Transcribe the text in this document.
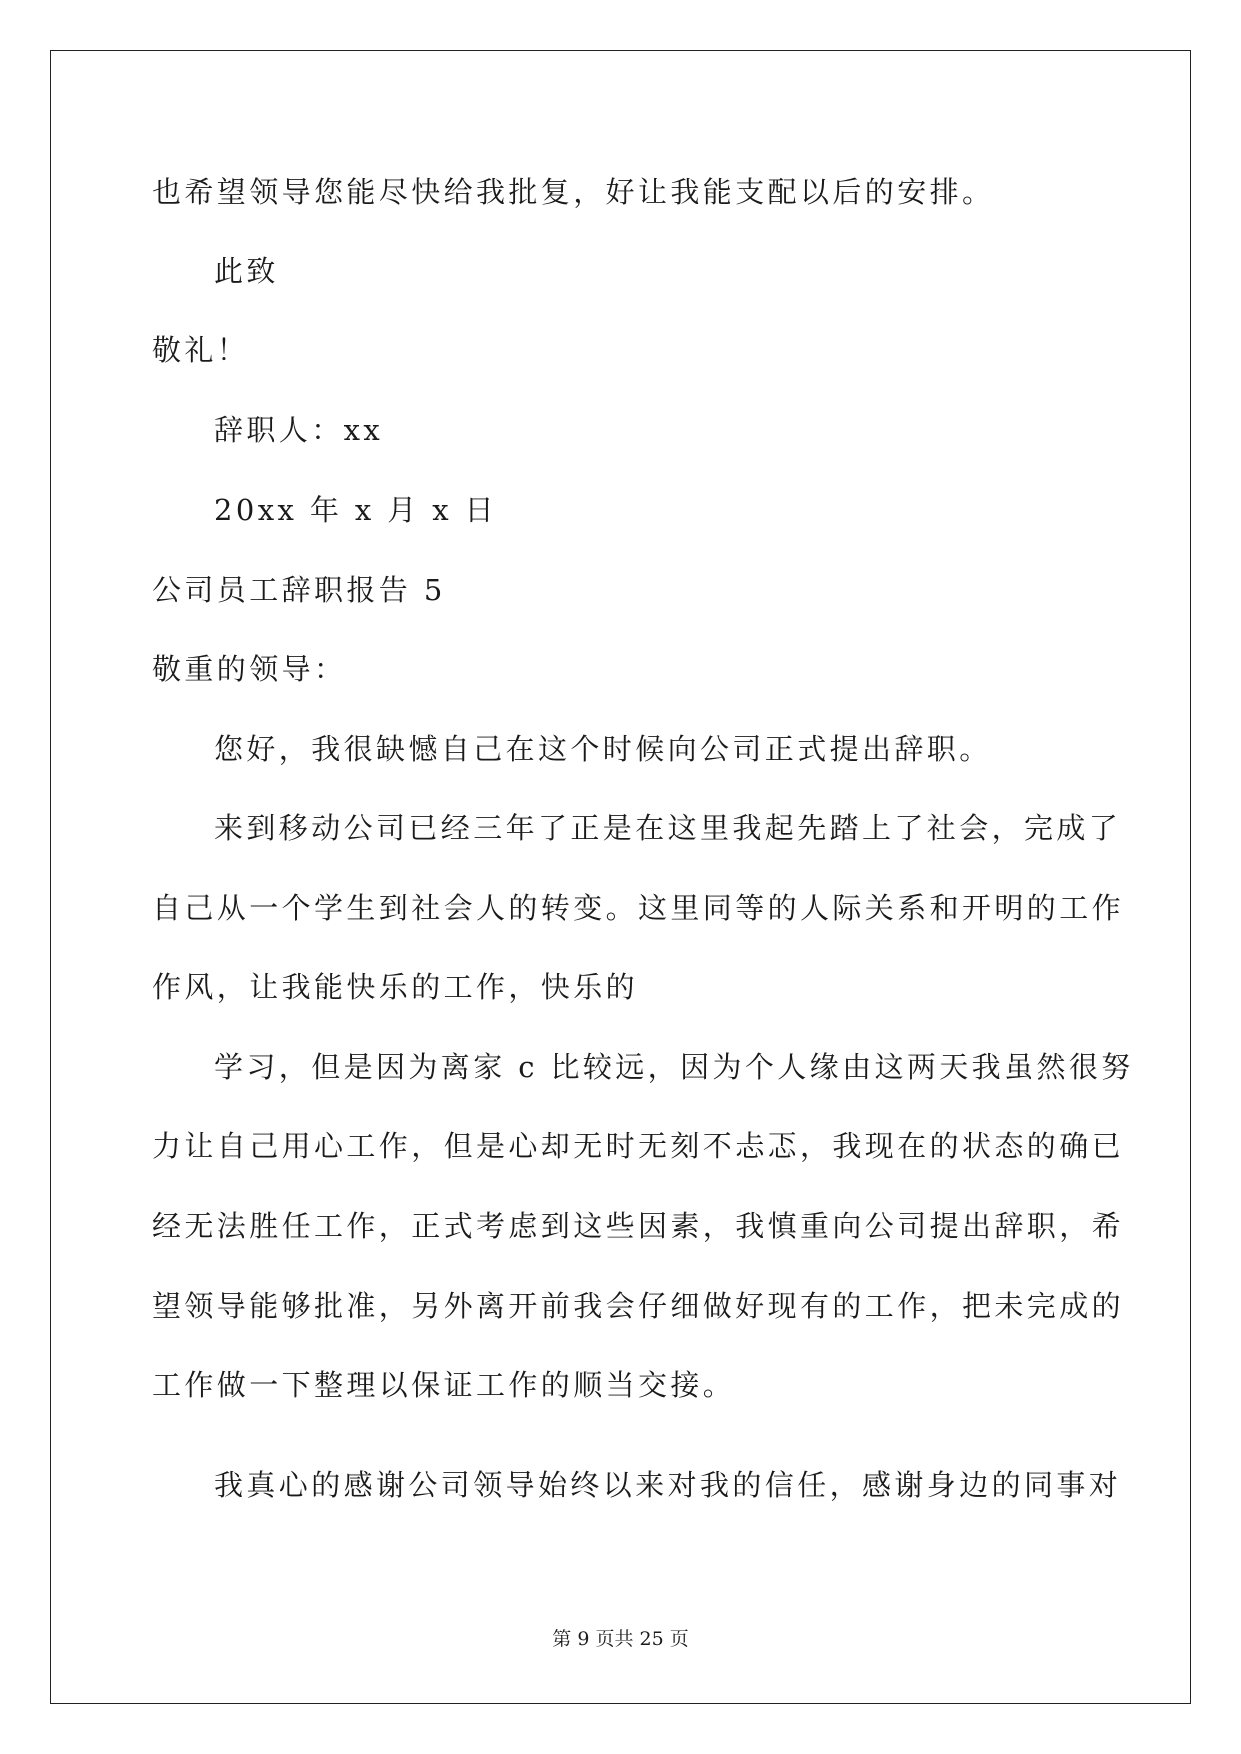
也希望领导您能尽快给我批复，好让我能支配以后的安排。
此致
敬礼！
辞职人：xx
20xx 年 x 月 x 日
公司员工辞职报告 5
敬重的领导：
您好，我很缺憾自己在这个时候向公司正式提出辞职。
来到移动公司已经三年了正是在这里我起先踏上了社会，完成了
自己从一个学生到社会人的转变。这里同等的人际关系和开明的工作
作风，让我能快乐的工作，快乐的
学习，但是因为离家 c 比较远，因为个人缘由这两天我虽然很努
力让自己用心工作，但是心却无时无刻不忐忑，我现在的状态的确已
经无法胜任工作，正式考虑到这些因素，我慎重向公司提出辞职，希
望领导能够批准，另外离开前我会仔细做好现有的工作，把未完成的
工作做一下整理以保证工作的顺当交接。
我真心的感谢公司领导始终以来对我的信任，感谢身边的同事对
第 9 页共 25 页
